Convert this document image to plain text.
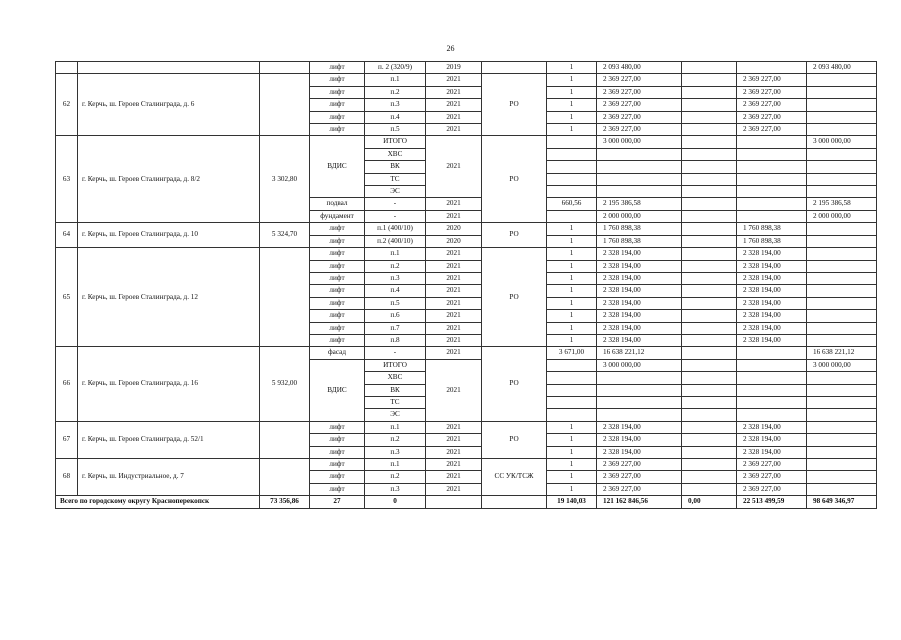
26
			лифт	п. 2 (320/9)	2019		1	2 093 480,00			2 093 480,00
62	г. Керчь, ш. Героев Сталинграда, д. 6		лифт	п.1	2021	РО	1	2 369 227,00		2 369 227,00	
			лифт	п.2	2021		1	2 369 227,00		2 369 227,00	
			лифт	п.3	2021		1	2 369 227,00		2 369 227,00	
			лифт	п.4	2021		1	2 369 227,00		2 369 227,00	
			лифт	п.5	2021		1	2 369 227,00		2 369 227,00	
63	г. Керчь, ш. Героев Сталинграда, д. 8/2	3 302,80	ВДИС	ИТОГО	2021	РО		3 000 000,00			3 000 000,00
				ХВС							
				ВК							
				ТС							
				ЭС							
			подвал	-	2021		660,56	2 195 386,58			2 195 386,58
			фундамент	-	2021			2 000 000,00			2 000 000,00
64	г. Керчь, ш. Героев Сталинграда, д. 10	5 324,70	лифт	п.1 (400/10)	2020	РО	1	1 760 898,38		1 760 898,38	
			лифт	п.2 (400/10)	2020		1	1 760 898,38		1 760 898,38	
65	г. Керчь, ш. Героев Сталинграда, д. 12		лифт	п.1	2021	РО	1	2 328 194,00		2 328 194,00	
			лифт	п.2	2021		1	2 328 194,00		2 328 194,00	
			лифт	п.3	2021		1	2 328 194,00		2 328 194,00	
			лифт	п.4	2021		1	2 328 194,00		2 328 194,00	
			лифт	п.5	2021		1	2 328 194,00		2 328 194,00	
			лифт	п.6	2021		1	2 328 194,00		2 328 194,00	
			лифт	п.7	2021		1	2 328 194,00		2 328 194,00	
			лифт	п.8	2021		1	2 328 194,00		2 328 194,00	
66	г. Керчь, ш. Героев Сталинграда, д. 16	5 932,00	фасад	-	2021	РО	3 671,00	16 638 221,12			16 638 221,12
			ВДИС	ИТОГО	2021			3 000 000,00			3 000 000,00
				ХВС							
				ВК							
				ТС							
				ЭС							
67	г. Керчь, ш. Героев Сталинграда, д. 52/1		лифт	п.1	2021	РО	1	2 328 194,00		2 328 194,00	
			лифт	п.2	2021		1	2 328 194,00		2 328 194,00	
			лифт	п.3	2021		1	2 328 194,00		2 328 194,00	
68	г. Керчь, ш. Индустриальное, д. 7		лифт	п.1	2021	СС УК/ТСЖ	1	2 369 227,00		2 369 227,00	
			лифт	п.2	2021		1	2 369 227,00		2 369 227,00	
			лифт	п.3	2021		1	2 369 227,00		2 369 227,00	
Всего по городскому округу Красноперекопск		73 356,86	27	0			19 140,03	121 162 846,56	0,00	22 513 499,59	98 649 346,97
